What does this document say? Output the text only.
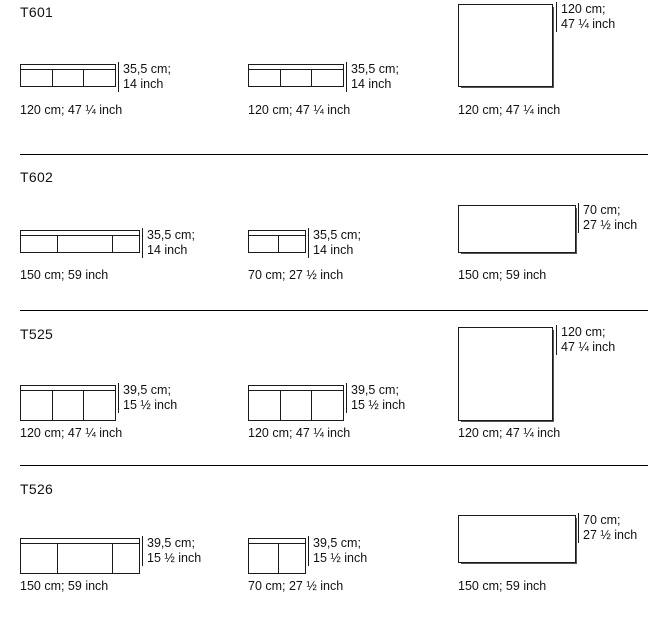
T601
35,5 cm;
14 inch
120 cm; 47 ¼ inch
35,5 cm;
14 inch
120 cm; 47 ¼ inch
120 cm;
47 ¼ inch
120 cm; 47 ¼ inch
T602
35,5 cm;
14 inch
150 cm; 59 inch
35,5 cm;
14 inch
70 cm; 27 ½ inch
70 cm;
27 ½ inch
150 cm; 59 inch
T525
39,5 cm;
15 ½ inch
120 cm; 47 ¼ inch
39,5 cm;
15 ½ inch
120 cm; 47 ¼ inch
120 cm;
47 ¼ inch
120 cm; 47 ¼ inch
T526
39,5 cm;
15 ½ inch
150 cm; 59 inch
39,5 cm;
15 ½ inch
70 cm; 27 ½ inch
70 cm;
27 ½ inch
150 cm; 59 inch
